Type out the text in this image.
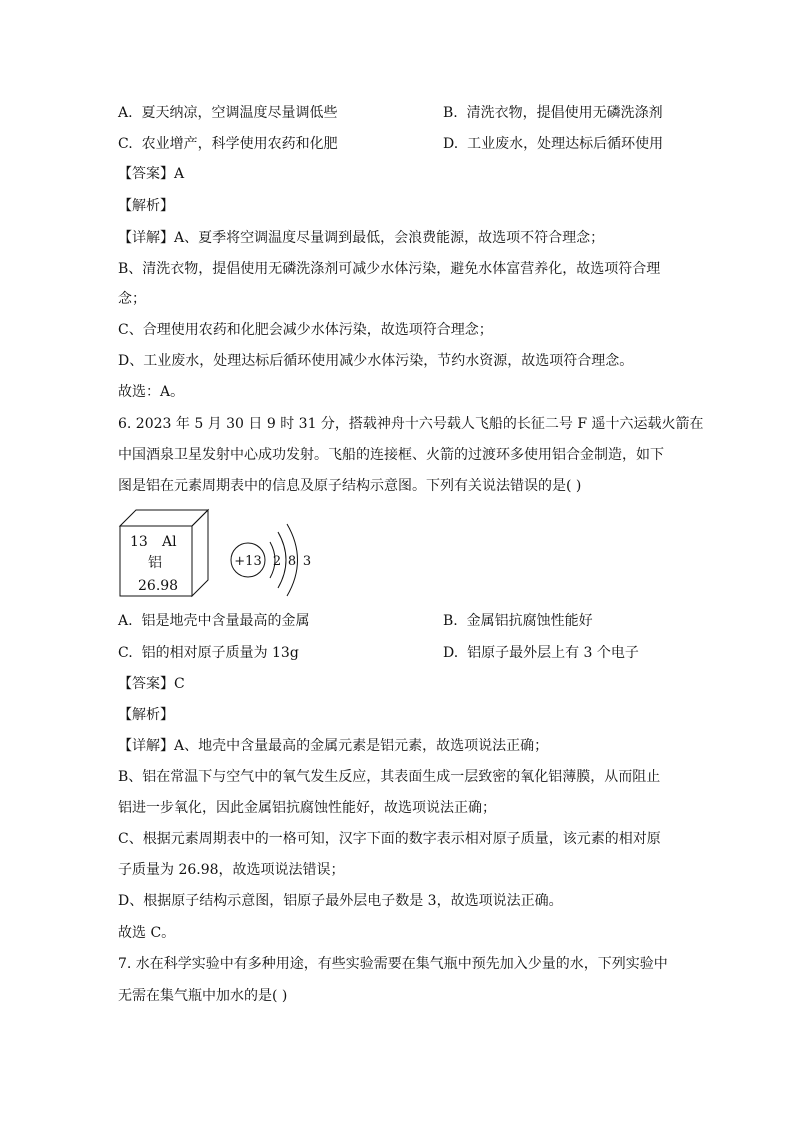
A. 夏天纳凉，空调温度尽量调低些	B. 清洗衣物，提倡使用无磷洗涤剂
C. 农业增产，科学使用农药和化肥	D. 工业废水，处理达标后循环使用
【答案】A
【解析】
【详解】A、夏季将空调温度尽量调到最低，会浪费能源，故选项不符合理念；
B、清洗衣物，提倡使用无磷洗涤剂可减少水体污染，避免水体富营养化，故选项符合理
念；
C、合理使用农药和化肥会减少水体污染，故选项符合理念；
D、工业废水，处理达标后循环使用减少水体污染，节约水资源，故选项符合理念。
故选：A。
6. 2023 年 5 月 30 日 9 时 31 分，搭载神舟十六号载人飞船的长征二号 F 遥十六运载火箭在
中国酒泉卫星发射中心成功发射。飞船的连接框、火箭的过渡环多使用铝合金制造，如下
图是铝在元素周期表中的信息及原子结构示意图。下列有关说法错误的是( )
13 Al
铝
26.98
+13 2 8 3
A. 铝是地壳中含量最高的金属	B. 金属铝抗腐蚀性能好
C. 铝的相对原子质量为 13g	D. 铝原子最外层上有 3 个电子
【答案】C
【解析】
【详解】A、地壳中含量最高的金属元素是铝元素，故选项说法正确；
B、铝在常温下与空气中的氧气发生反应，其表面生成一层致密的氧化铝薄膜，从而阻止
铝进一步氧化，因此金属铝抗腐蚀性能好，故选项说法正确；
C、根据元素周期表中的一格可知，汉字下面的数字表示相对原子质量，该元素的相对原
子质量为 26.98，故选项说法错误；
D、根据原子结构示意图，铝原子最外层电子数是 3，故选项说法正确。
故选 C。
7. 水在科学实验中有多种用途，有些实验需要在集气瓶中预先加入少量的水，下列实验中
无需在集气瓶中加水的是( )
